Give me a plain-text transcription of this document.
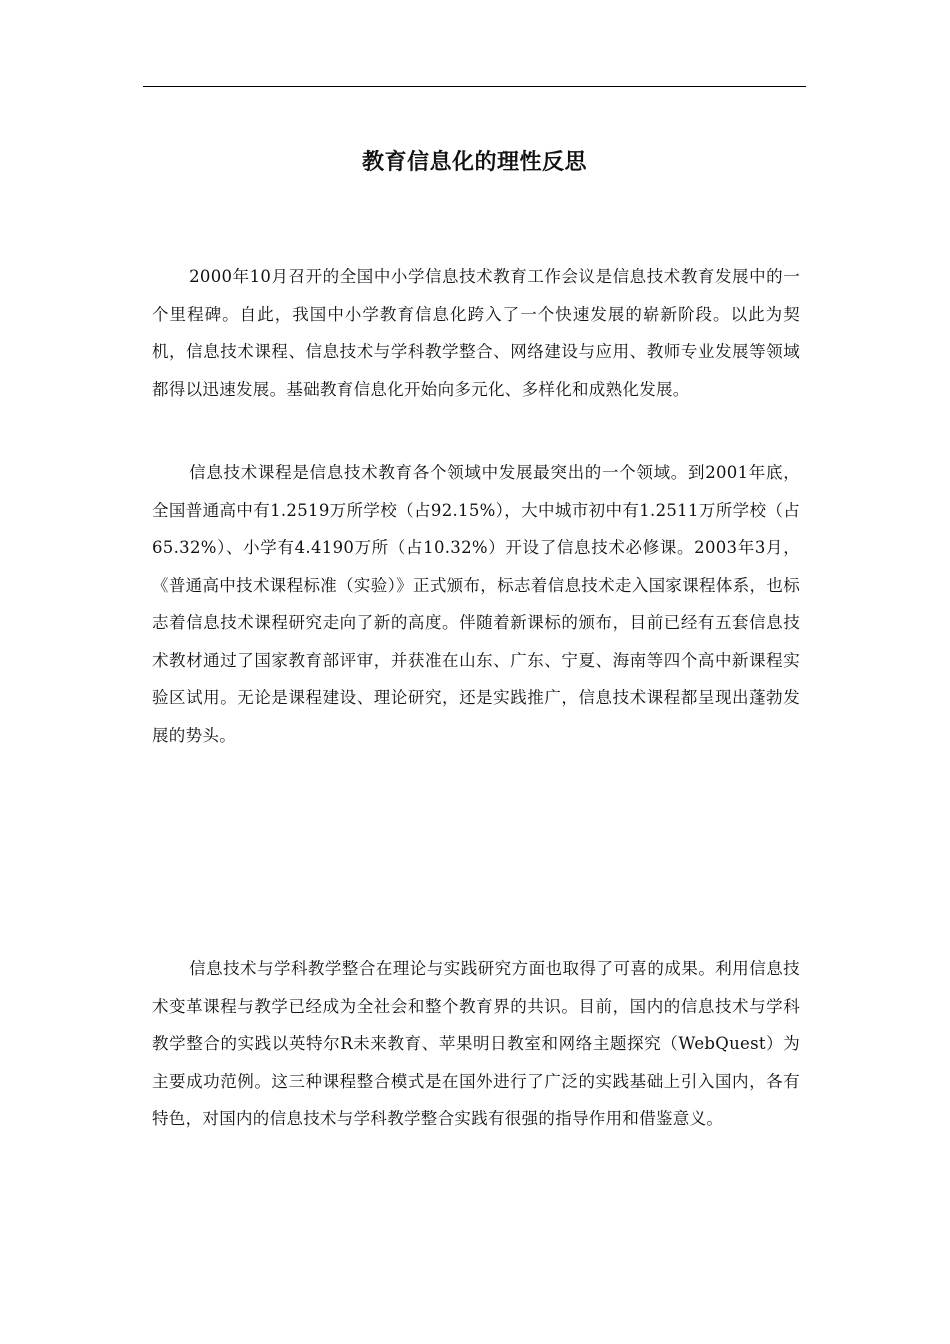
教育信息化的理性反思

2000年10月召开的全国中小学信息技术教育工作会议是信息技术教育发展中的一个里程碑。自此，我国中小学教育信息化跨入了一个快速发展的崭新阶段。以此为契机，信息技术课程、信息技术与学科教学整合、网络建设与应用、教师专业发展等领域都得以迅速发展。基础教育信息化开始向多元化、多样化和成熟化发展。

信息技术课程是信息技术教育各个领域中发展最突出的一个领域。到2001年底，全国普通高中有1.2519万所学校（占92.15%），大中城市初中有1.2511万所学校（占65.32%）、小学有4.4190万所（占10.32%）开设了信息技术必修课。2003年3月，《普通高中技术课程标准（实验）》正式颁布，标志着信息技术走入国家课程体系，也标志着信息技术课程研究走向了新的高度。伴随着新课标的颁布，目前已经有五套信息技术教材通过了国家教育部评审，并获准在山东、广东、宁夏、海南等四个高中新课程实验区试用。无论是课程建设、理论研究，还是实践推广，信息技术课程都呈现出蓬勃发展的势头。

信息技术与学科教学整合在理论与实践研究方面也取得了可喜的成果。利用信息技术变革课程与教学已经成为全社会和整个教育界的共识。目前，国内的信息技术与学科教学整合的实践以英特尔R未来教育、苹果明日教室和网络主题探究（WebQuest）为主要成功范例。这三种课程整合模式是在国外进行了广泛的实践基础上引入国内，各有特色，对国内的信息技术与学科教学整合实践有很强的指导作用和借鉴意义。
